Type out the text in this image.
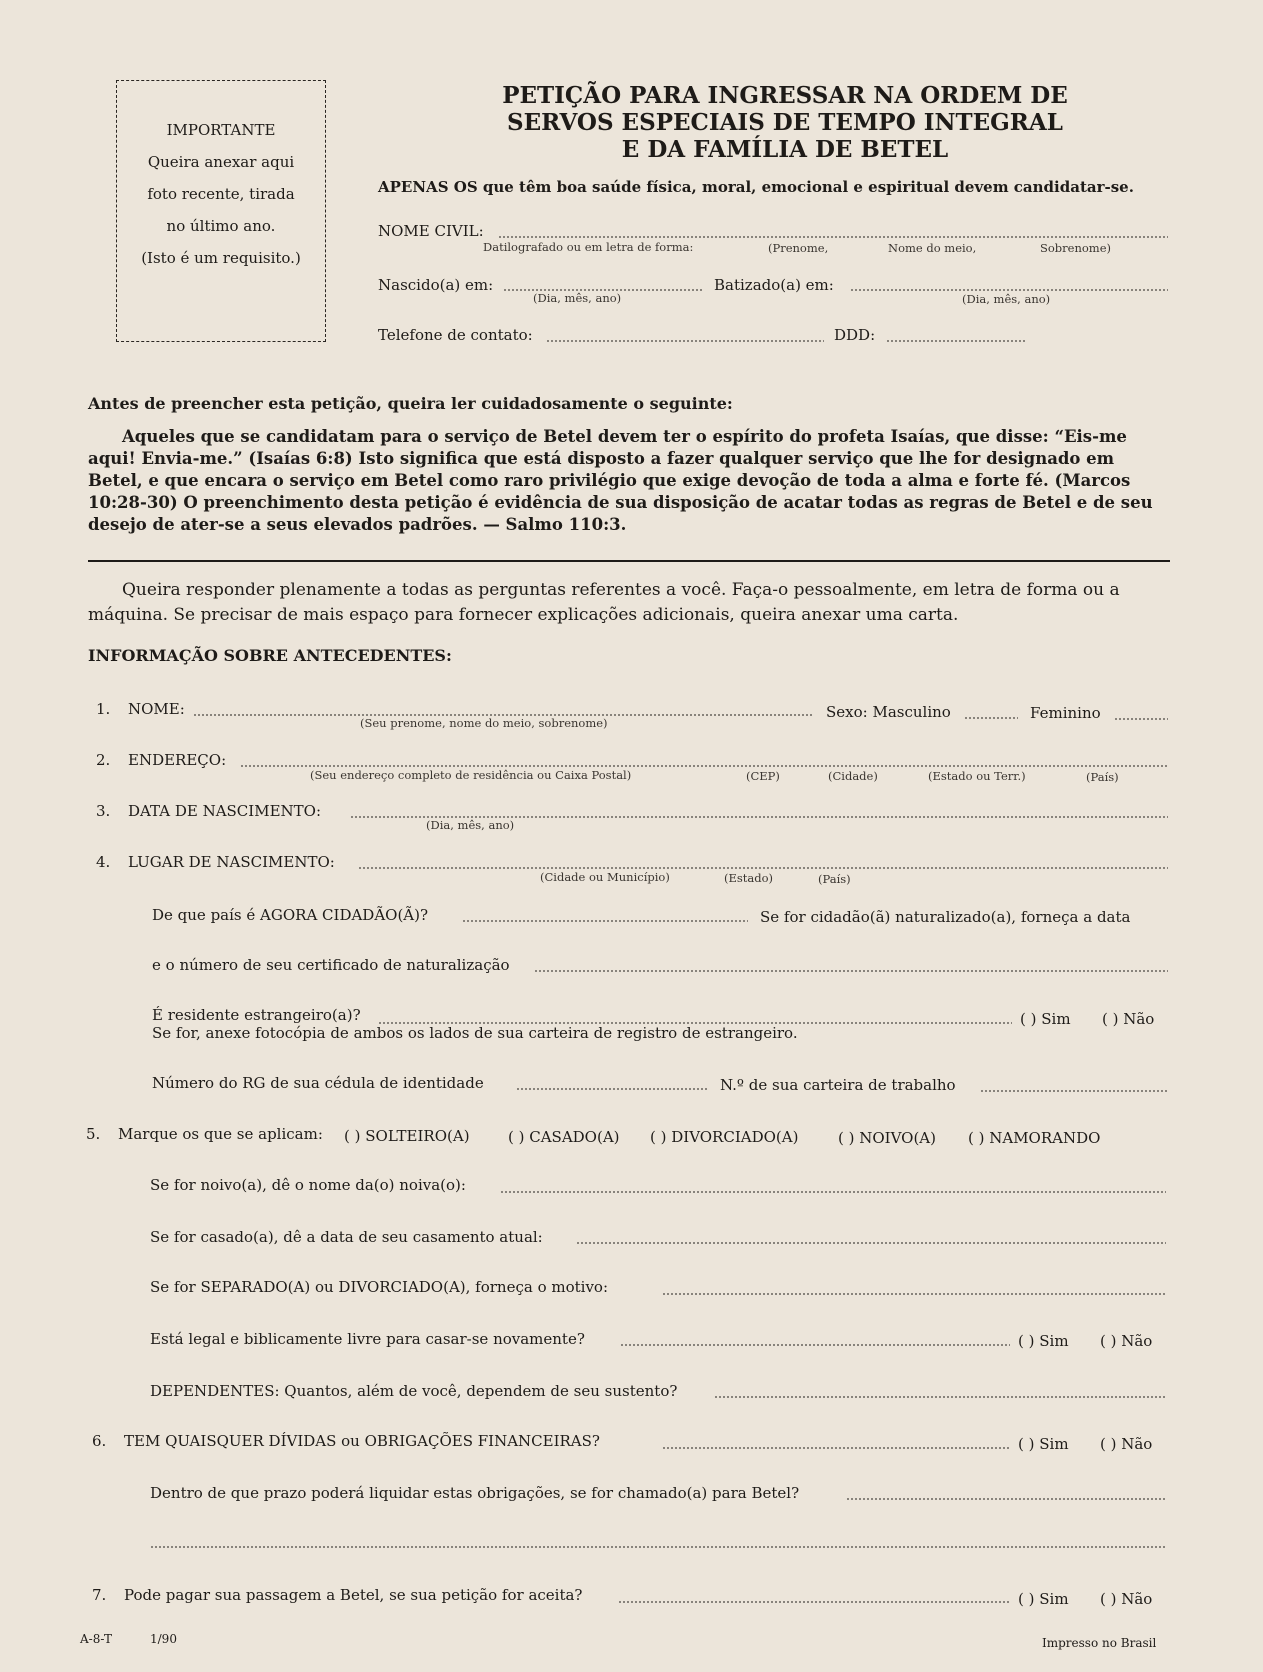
IMPORTANTE
Queira anexar aqui
foto recente, tirada
no último ano.
(Isto é um requisito.)
PETIÇÃO PARA INGRESSAR NA ORDEM DE
SERVOS ESPECIAIS DE TEMPO INTEGRAL
E DA FAMÍLIA DE BETEL
APENAS OS que têm boa saúde física, moral, emocional e espiritual devem candidatar-se.
NOME CIVIL:
Datilografado ou em letra de forma:	(Prenome,	Nome do meio,	Sobrenome)
Nascido(a) em:
(Dia, mês, ano)
Batizado(a) em:
(Dia, mês, ano)
Telefone de contato:	DDD:
Antes de preencher esta petição, queira ler cuidadosamente o seguinte:
Aqueles que se candidatam para o serviço de Betel devem ter o espírito do profeta Isaías, que disse: “Eis-me aqui! Envia-me.” (Isaías 6:8) Isto significa que está disposto a fazer qualquer serviço que lhe for designado em Betel, e que encara o serviço em Betel como raro privilégio que exige devoção de toda a alma e forte fé. (Marcos 10:28-30) O preenchimento desta petição é evidência de sua disposição de acatar todas as regras de Betel e de seu desejo de ater-se a seus elevados padrões. — Salmo 110:3.
Queira responder plenamente a todas as perguntas referentes a você. Faça-o pessoalmente, em letra de forma ou a máquina. Se precisar de mais espaço para fornecer explicações adicionais, queira anexar uma carta.
INFORMAÇÃO SOBRE ANTECEDENTES:
1. NOME:
(Seu prenome, nome do meio, sobrenome)
Sexo: Masculino	Feminino
2. ENDEREÇO:
(Seu endereço completo de residência ou Caixa Postal)	(CEP)	(Cidade)	(Estado ou Terr.)	(País)
3. DATA DE NASCIMENTO:
(Dia, mês, ano)
4. LUGAR DE NASCIMENTO:
(Cidade ou Município)	(Estado)	(País)
De que país é AGORA CIDADÃO(Ã)?	Se for cidadão(ã) naturalizado(a), forneça a data
e o número de seu certificado de naturalização
É residente estrangeiro(a)?	( ) Sim ( ) Não
Se for, anexe fotocópia de ambos os lados de sua carteira de registro de estrangeiro.
Número do RG de sua cédula de identidade	N.º de sua carteira de trabalho
5. Marque os que se aplicam: ( ) SOLTEIRO(A)	( ) CASADO(A) ( ) DIVORCIADO(A)	( ) NOIVO(A) ( ) NAMORANDO
Se for noivo(a), dê o nome da(o) noiva(o):
Se for casado(a), dê a data de seu casamento atual:
Se for SEPARADO(A) ou DIVORCIADO(A), forneça o motivo:
Está legal e biblicamente livre para casar-se novamente?	( ) Sim ( ) Não
DEPENDENTES: Quantos, além de você, dependem de seu sustento?
6. TEM QUAISQUER DÍVIDAS ou OBRIGAÇÕES FINANCEIRAS?	( ) Sim ( ) Não
Dentro de que prazo poderá liquidar estas obrigações, se for chamado(a) para Betel?
7. Pode pagar sua passagem a Betel, se sua petição for aceita?	( ) Sim ( ) Não
A-8-T	1/90	Impresso no Brasil
